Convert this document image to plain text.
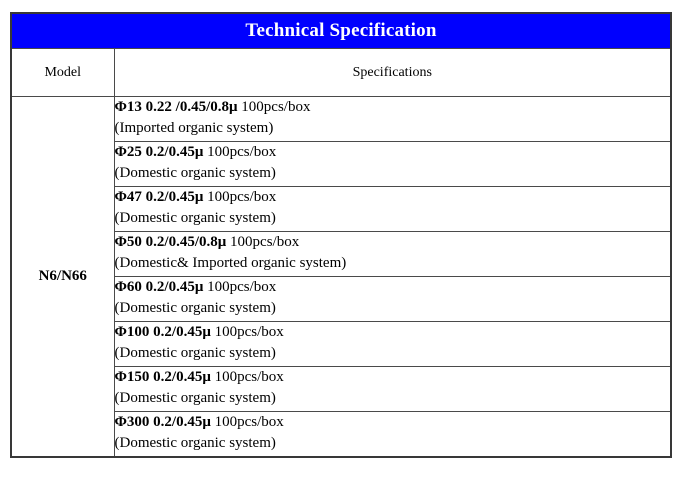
Technical Specification	
Model	Specifications
N6/N66	Φ13 0.22 /0.45/0.8μ 100pcs/box
(Imported organic system)

	Φ25 0.2/0.45μ 100pcs/box
(Domestic organic system)

	Φ47 0.2/0.45μ 100pcs/box
(Domestic organic system)

	Φ50 0.2/0.45/0.8μ 100pcs/box
(Domestic& Imported organic system)

	Φ60 0.2/0.45μ 100pcs/box
(Domestic organic system)

	Φ100 0.2/0.45μ 100pcs/box
(Domestic organic system)

	Φ150 0.2/0.45μ 100pcs/box
(Domestic organic system)

	Φ300 0.2/0.45μ 100pcs/box
(Domestic organic system)
